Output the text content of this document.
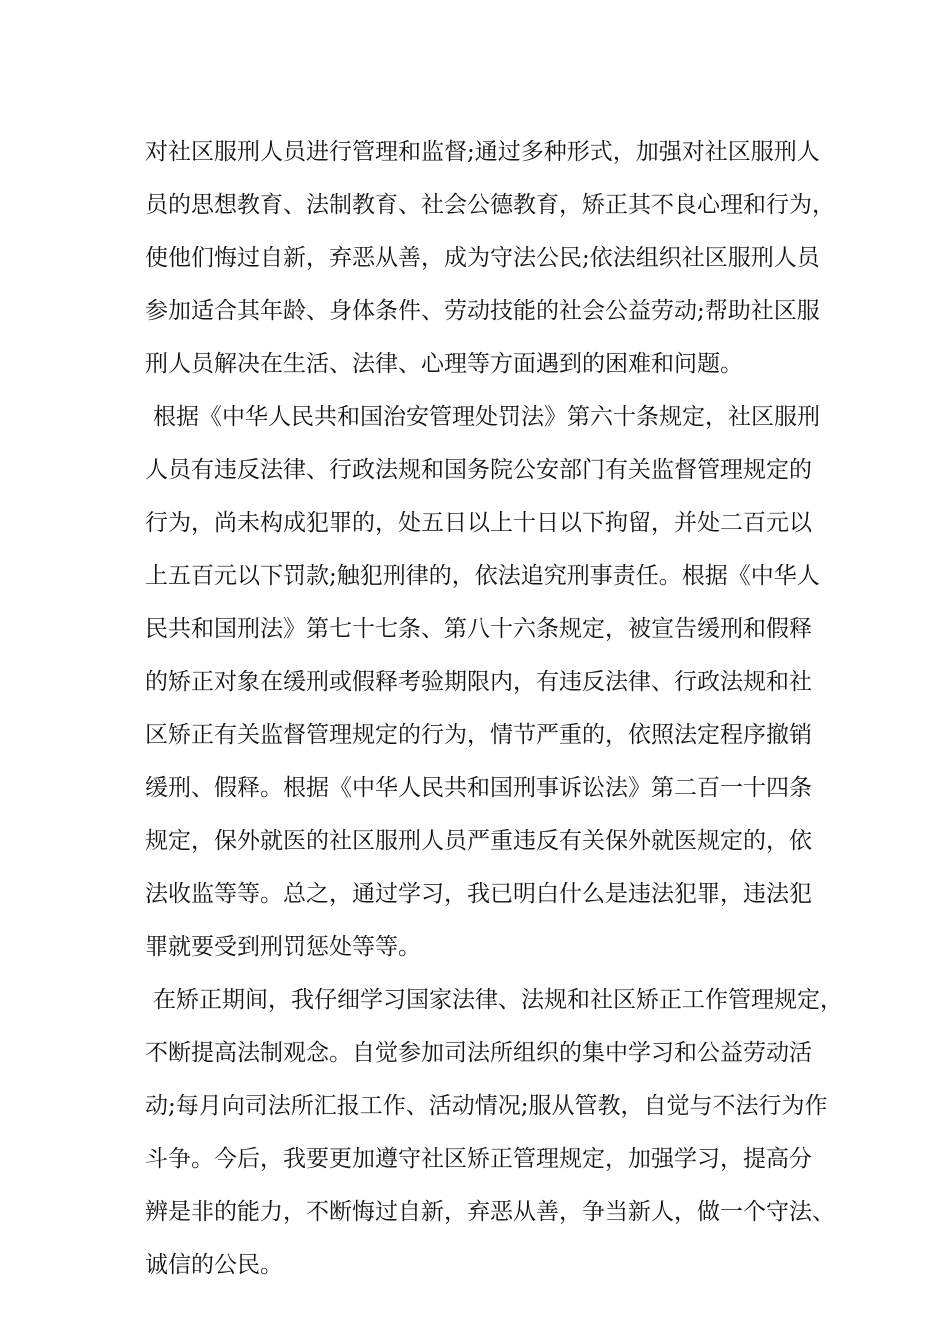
对社区服刑人员进行管理和监督;通过多种形式，加强对社区服刑人
员的思想教育、法制教育、社会公德教育，矫正其不良心理和行为，
使他们悔过自新，弃恶从善，成为守法公民;依法组织社区服刑人员
参加适合其年龄、身体条件、劳动技能的社会公益劳动;帮助社区服
刑人员解决在生活、法律、心理等方面遇到的困难和问题。
根据《中华人民共和国治安管理处罚法》第六十条规定，社区服刑
人员有违反法律、行政法规和国务院公安部门有关监督管理规定的
行为，尚未构成犯罪的，处五日以上十日以下拘留，并处二百元以
上五百元以下罚款;触犯刑律的，依法追究刑事责任。根据《中华人
民共和国刑法》第七十七条、第八十六条规定，被宣告缓刑和假释
的矫正对象在缓刑或假释考验期限内，有违反法律、行政法规和社
区矫正有关监督管理规定的行为，情节严重的，依照法定程序撤销
缓刑、假释。根据《中华人民共和国刑事诉讼法》第二百一十四条
规定，保外就医的社区服刑人员严重违反有关保外就医规定的，依
法收监等等。总之，通过学习，我已明白什么是违法犯罪，违法犯
罪就要受到刑罚惩处等等。
在矫正期间，我仔细学习国家法律、法规和社区矫正工作管理规定，
不断提高法制观念。自觉参加司法所组织的集中学习和公益劳动活
动;每月向司法所汇报工作、活动情况;服从管教，自觉与不法行为作
斗争。今后，我要更加遵守社区矫正管理规定，加强学习，提高分
辨是非的能力，不断悔过自新，弃恶从善，争当新人，做一个守法、
诚信的公民。
